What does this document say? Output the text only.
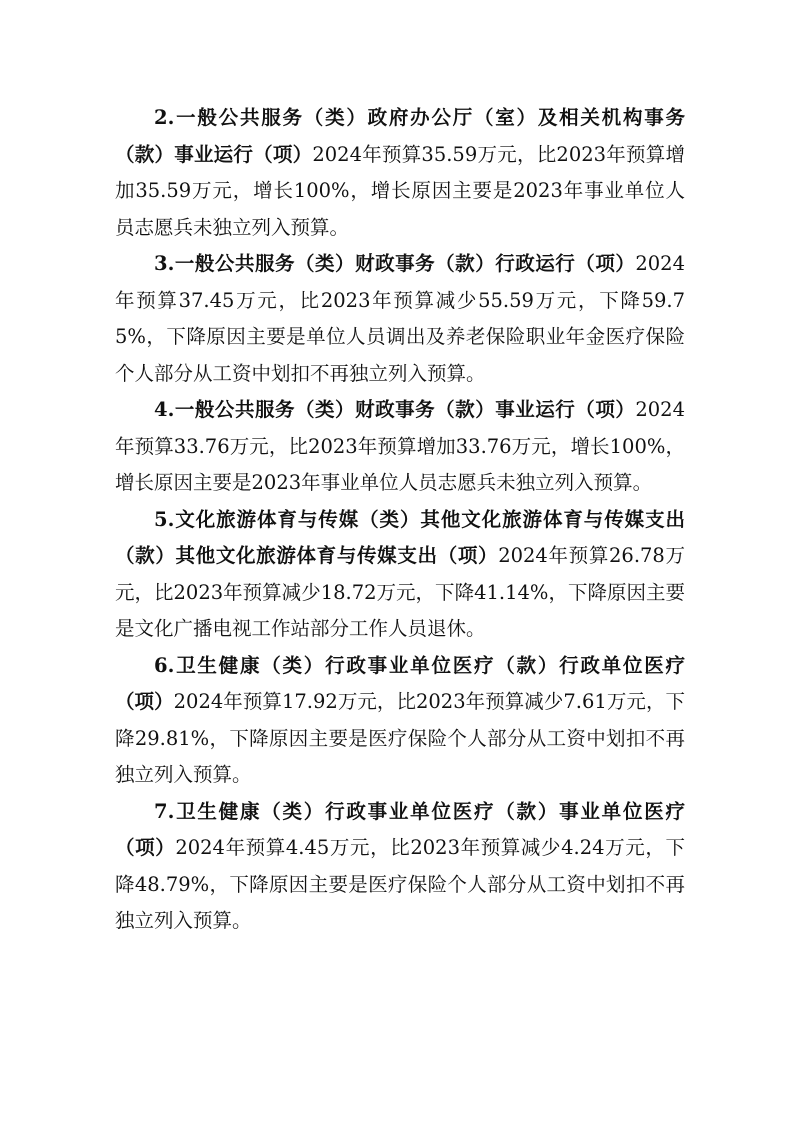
2.一般公共服务（类）政府办公厅（室）及相关机构事务（款）事业运行（项）2024年预算35.59万元，比2023年预算增加35.59万元，增长100%，增长原因主要是2023年事业单位人员志愿兵未独立列入预算。

3.一般公共服务（类）财政事务（款）行政运行（项）2024年预算37.45万元，比2023年预算减少55.59万元，下降59.75%，下降原因主要是单位人员调出及养老保险职业年金医疗保险个人部分从工资中划扣不再独立列入预算。

4.一般公共服务（类）财政事务（款）事业运行（项）2024年预算33.76万元，比2023年预算增加33.76万元，增长100%，增长原因主要是2023年事业单位人员志愿兵未独立列入预算。

5.文化旅游体育与传媒（类）其他文化旅游体育与传媒支出（款）其他文化旅游体育与传媒支出（项）2024年预算26.78万元，比2023年预算减少18.72万元，下降41.14%，下降原因主要是文化广播电视工作站部分工作人员退休。

6.卫生健康（类）行政事业单位医疗（款）行政单位医疗（项）2024年预算17.92万元，比2023年预算减少7.61万元，下降29.81%，下降原因主要是医疗保险个人部分从工资中划扣不再独立列入预算。

7.卫生健康（类）行政事业单位医疗（款）事业单位医疗（项）2024年预算4.45万元，比2023年预算减少4.24万元，下降48.79%，下降原因主要是医疗保险个人部分从工资中划扣不再独立列入预算。
